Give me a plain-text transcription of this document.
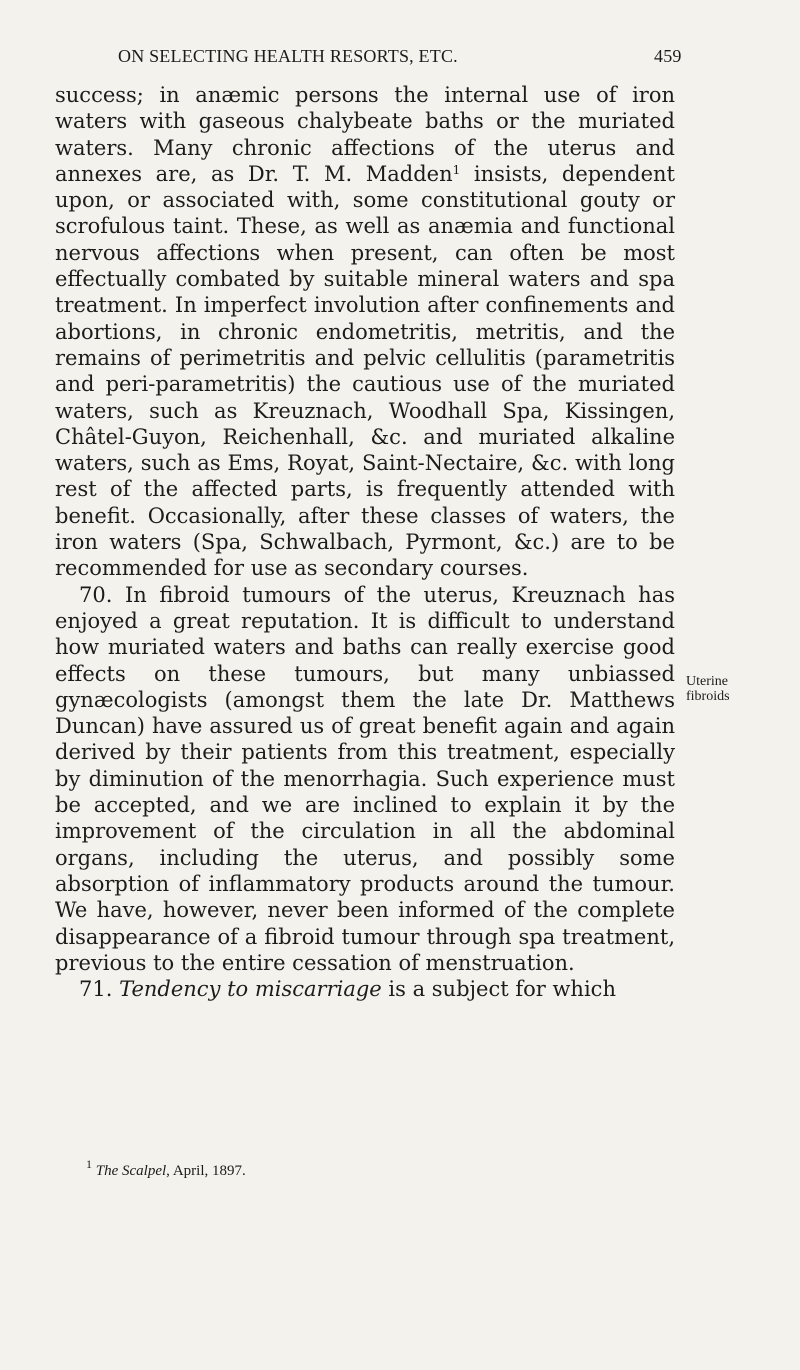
ON SELECTING HEALTH RESORTS, ETC.	459

success; in anæmic persons the internal use of iron waters with gaseous chalybeate baths or the muriated waters. Many chronic affections of the uterus and annexes are, as Dr. T. M. Madden$^1$ insists, dependent upon, or associated with, some constitutional gouty or scrofulous taint. These, as well as anæmia and functional nervous affections when present, can often be most effectually combated by suitable mineral waters and spa treatment. In imperfect involution after confinements and abortions, in chronic endometritis, metritis, and the remains of perimetritis and pelvic cellulitis (parametritis and peri-parametritis) the cautious use of the muriated waters, such as Kreuznach, Woodhall Spa, Kissingen, Châtel-Guyon, Reichenhall, &c. and muriated alkaline waters, such as Ems, Royat, Saint-Nectaire, &c. with long rest of the affected parts, is frequently attended with benefit. Occasionally, after these classes of waters, the iron waters (Spa, Schwalbach, Pyrmont, &c.) are to be recommended for use as secondary courses.

70. In fibroid tumours of the uterus, Kreuznach has enjoyed a great reputation. It is difficult to understand how muriated waters and baths can really exercise good effects on these tumours, but many unbiassed gynæcologists (amongst them the late Dr. Matthews Duncan) have assured us of great benefit again and again derived by their patients from this treatment, especially by diminution of the menorrhagia. Such experience must be accepted, and we are inclined to explain it by the improvement of the circulation in all the abdominal organs, including the uterus, and possibly some absorption of inflammatory products around the tumour. We have, however, never been informed of the complete disappearance of a fibroid tumour through spa treatment, previous to the entire cessation of menstruation.

71. Tendency to miscarriage is a subject for which

Uterine
fibroids
$^1$ The Scalpel, April, 1897.
